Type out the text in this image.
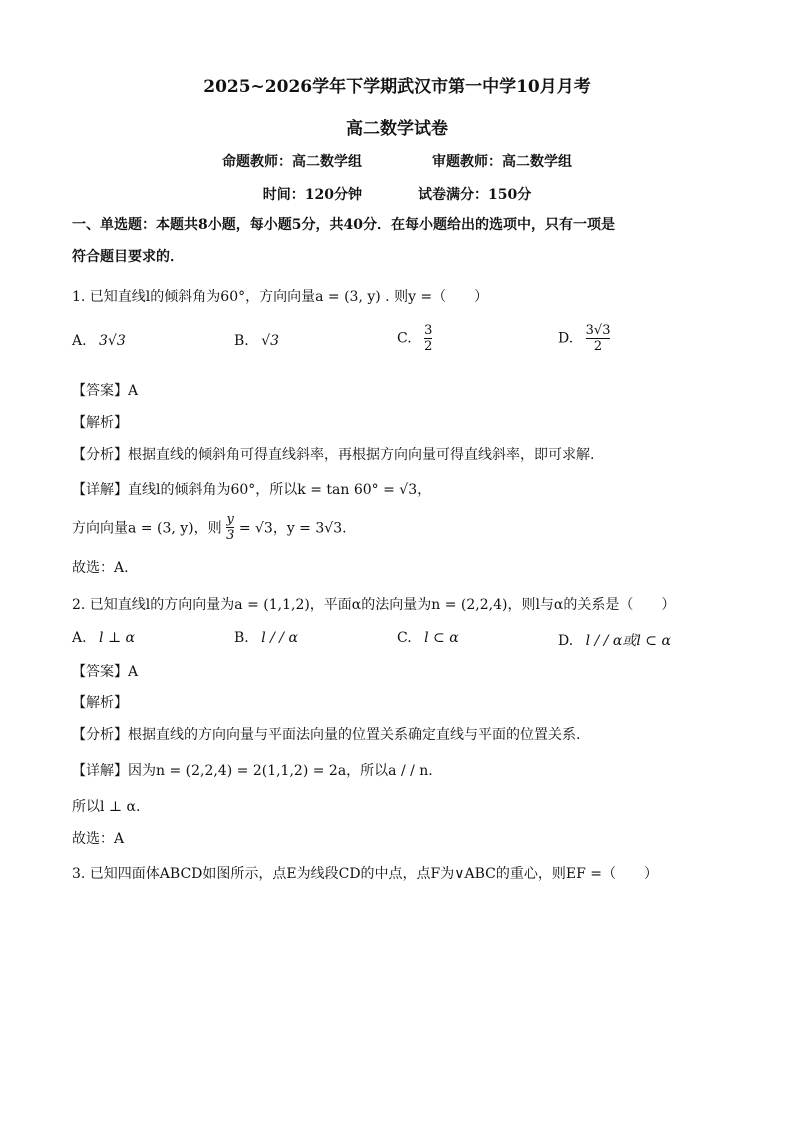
2025~2026学年下学期武汉市第一中学10月月考
高二数学试卷
命题教师：高二数学组　　　　　审题教师：高二数学组
时间：120分钟　　　　试卷满分：150分
一、单选题：本题共8小题，每小题5分，共40分．在每小题给出的选项中，只有一项是
符合题目要求的．
1. 已知直线l的倾斜角为60°，方向向量a = (3, y) . 则y =（　　）
A. 3√3	B. √3	C. $\frac{3}{2}$	D. $\frac{3√3}{2}$
【答案】A
【解析】
【分析】根据直线的倾斜角可得直线斜率，再根据方向向量可得直线斜率，即可求解.
【详解】直线l的倾斜角为60°，所以k = tan 60° = √3，
方向向量a = (3, y)，则 $\frac{y}{3} = √3$，y = 3√3.
故选：A.
2. 已知直线l的方向向量为a = (1,1,2)，平面α的法向量为n = (2,2,4)，则l与α的关系是（　　）
A. l ⊥ α	B. l / / α	C. l ⊂ α	D. l / / α或l ⊂ α
【答案】A
【解析】
【分析】根据直线的方向向量与平面法向量的位置关系确定直线与平面的位置关系.
【详解】因为n = (2,2,4) = 2(1,1,2) = 2a，所以a / / n.
所以l ⊥ α.
故选：A
3. 已知四面体ABCD如图所示，点E为线段CD的中点，点F为∨ABC的重心，则EF =（　　）
